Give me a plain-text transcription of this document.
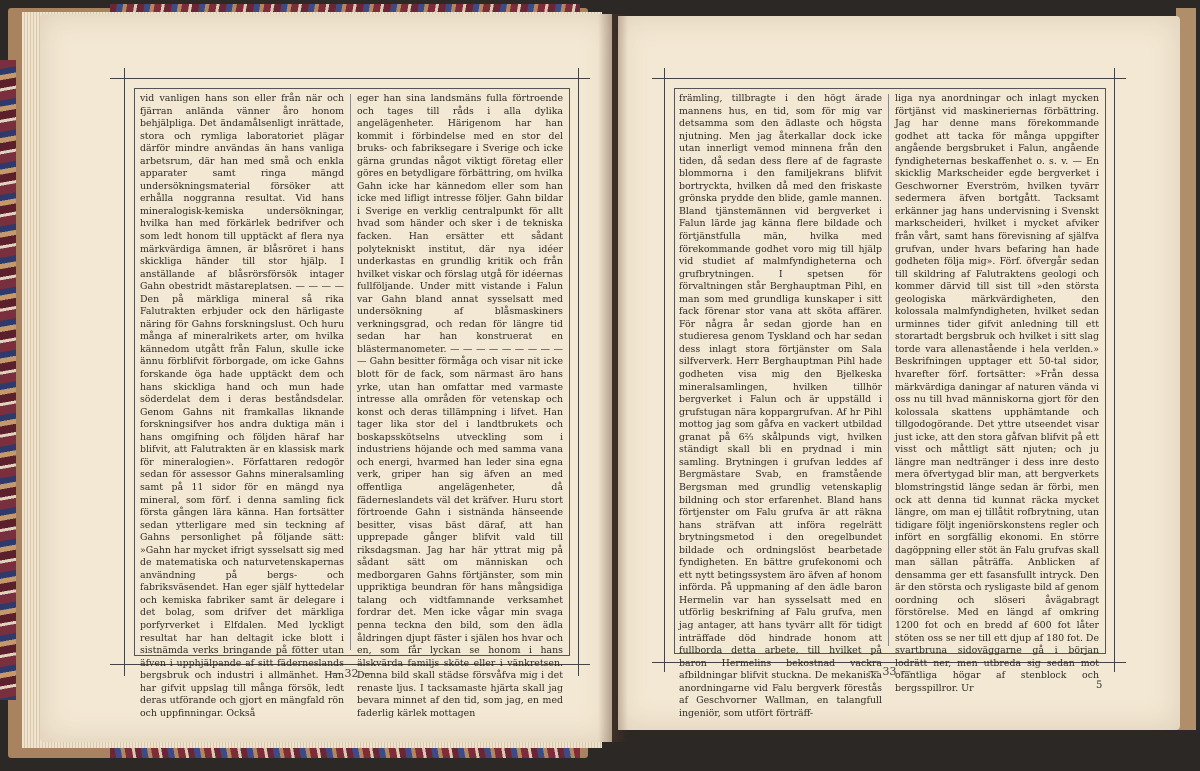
vid vanligen hans son eller från när och fjärran anlända vänner åro honom behjälpliga. Det ändamålsenligt inrättade, stora och rymliga laboratoriet plägar därför mindre användas än hans vanliga arbetsrum, där han med små och enkla apparater samt ringa mängd undersökningsmaterial försöker att erhålla noggranna resultat. Vid hans mineralogisk-kemiska undersökningar, hvilka han med förkärlek bedrifver och som ledt honom till upptäckt af flera nya märkvärdiga ämnen, är blåsröret i hans skickliga händer till stor hjälp. I anställande af blåsrörsförsök intager Gahn obestridt mästareplatsen. — — — — Den på märkliga mineral så rika Falutrakten erbjuder ock den härligaste näring för Gahns forskningslust. Och huru många af mineralrikets arter, om hvilka kännedom utgått från Falun, skulle icke ännu förblifvit förborgade, om icke Gahns forskande öga hade upptäckt dem och hans skickliga hand och mun hade söderdelat dem i deras beståndsdelar. Genom Gahns nit framkallas liknande forskningsifver hos andra duktiga män i hans omgifning och följden häraf har blifvit, att Falutrakten är en klassisk mark för mineralogien». Författaren redogör sedan för assessor Gahns mineralsamling samt på 11 sidor för en mängd nya mineral, som förf. i denna samling fick första gången lära känna. Han fortsätter sedan ytterligare med sin teckning af Gahns personlighet på följande sätt: »Gahn har mycket ifrigt sysselsatt sig med de matematiska och naturvetenskapernas användning på bergs- och fabriksväsendet. Han eger själf hyttedelar och kemiska fabriker samt är delegare i det bolag, som drifver det märkliga porfyrverket i Elfdalen. Med lyckligt resultat har han deltagit icke blott i sistnämda verks bringande på fötter utan äfven i upphjälpande af sitt fäderneslands bergsbruk och industri i allmänhet. Han har gifvit uppslag till många försök, ledt deras utförande och gjort en mängfald rön och uppfinningar. Också

eger han sina landsmäns fulla förtroende och tages till råds i alla dylika angelägenheter. Härigenom har han kommit i förbindelse med en stor del bruks- och fabriksegare i Sverige och icke gärna grundas något viktigt företag eller göres en betydligare förbättring, om hvilka Gahn icke har kännedom eller som han icke med lifligt intresse följer. Gahn bildar i Sverige en verklig centralpunkt för allt hvad som händer och sker i de tekniska facken. Han ersätter ett sådant polytekniskt institut, där nya idéer underkastas en grundlig kritik och från hvilket viskar och förslag utgå för idéernas fullföljande. Under mitt vistande i Falun var Gahn bland annat sysselsatt med undersökning af blåsmaskiners verkningsgrad, och redan för längre tid sedan har han konstruerat en blästermanometer. — — — — — — — — — — Gahn besitter förmåga och visar nit icke blott för de fack, som närmast äro hans yrke, utan han omfattar med varmaste intresse alla områden för vetenskap och konst och deras tillämpning i lifvet. Han tager lika stor del i landtbrukets och boskapsskötselns utveckling som i industriens höjande och med samma vana och energi, hvarmed han leder sina egna verk, griper han sig äfven an med offentliga angelägenheter, då fäderneslandets väl det kräfver. Huru stort förtroende Gahn i sistnända hänseende besitter, visas bäst däraf, att han upprepade gånger blifvit vald till riksdagsman. Jag har här yttrat mig på sådant sätt om människan och medborgaren Gahns förtjänster, som min uppriktiga beundran för hans mångsidiga talang och vidtfamnande verksamhet fordrar det. Men icke vågar min svaga penna teckna den bild, som den ädla åldringen djupt fäster i själen hos hvar och en, som får lyckan se honom i hans älskvärda familjs sköte eller i vänkretsen. Denna bild skall städse försvåfva mig i det renaste ljus. I tacksamaste hjärta skall jag bevara minnet af den tid, som jag, en med faderlig kärlek mottagen

— 32 —

främling, tillbragte i den högt ärade mannens hus, en tid, som för mig var detsamma som den ädlaste och högsta njutning. Men jag återkallar dock icke utan innerligt vemod minnena från den tiden, då sedan dess flere af de fagraste blommorna i den familjekrans blifvit bortryckta, hvilken då med den friskaste grönska prydde den blide, gamle mannen. Bland tjänstemännen vid bergverket i Falun lärde jag känna flere bildade och förtjänstfulla män, hvilka med förekommande godhet voro mig till hjälp vid studiet af malmfyndigheterna och grufbrytningen. I spetsen för förvaltningen står Berghauptman Pihl, en man som med grundliga kunskaper i sitt fack förenar stor vana att sköta affärer. För några år sedan gjorde han en studieresa genom Tyskland och har sedan dess inlagt stora förtjänster om Sala silfververk. Herr Berghauptman Pihl hade godheten visa mig den Bjelkeska mineralsamlingen, hvilken tillhör bergverket i Falun och är uppställd i grufstugan nära koppargrufvan. Af hr Pihl mottog jag som gåfva en vackert utbildad granat på 6⅔ skålpunds vigt, hvilken ständigt skall bli en prydnad i min samling. Brytningen i grufvan leddes af Bergmästare Svab, en framstående Bergsman med grundlig vetenskaplig bildning och stor erfarenhet. Bland hans förtjenster om Falu grufva är att räkna hans sträfvan att införa regelrätt brytningsmetod i den oregelbundet bildade och ordningslöst bearbetade fyndigheten. En bättre grufekonomi och ett nytt betingssystem äro äfven af honom införda. På uppmaning af den ädle baron Hermelin var han sysselsatt med en utförlig beskrifning af Falu grufva, men jag antager, att hans tyvärr allt för tidigt inträffade död hindrade honom att fullborda detta arbete, till hvilket på baron Hermelins bekostnad vackra afbildningar blifvit stuckna. De mekaniska anordningarne vid Falu bergverk förestås af Geschvorner Wallman, en talangfull ingeniör, som utfört förträff-

liga nya anordningar och inlagt mycken förtjänst vid maskineriernas förbättring. Jag har denne mans förekommande godhet att tacka för många uppgifter angående bergsbruket i Falun, angående fyndigheternas beskaffenhet o. s. v. — En skicklig Markscheider egde bergverket i Geschworner Everström, hvilken tyvärr sedermera äfven bortgått. Tacksamt erkänner jag hans undervisning i Svenskt markscheideri, hvilket i mycket afviker från vårt, samt hans förevisning af själfva grufvan, under hvars befaring han hade godheten följa mig». Förf. öfvergår sedan till skildring af Falutraktens geologi och kommer därvid till sist till »den största geologiska märkvärdigheten, den kolossala malmfyndigheten, hvilket sedan urminnes tider gifvit anledning till ett storartadt bergsbruk och hvilket i sitt slag torde vara allenastående i hela verlden.» Beskrifningen upptager ett 50-tal sidor, hvarefter förf. fortsätter: »Från dessa märkvärdiga daningar af naturen vända vi oss nu till hvad människorna gjort för den kolossala skattens upphämtande och tillgodogörande. Det yttre utseendet visar just icke, att den stora gåfvan blifvit på ett visst och måttligt sätt njuten; och ju längre man nedtränger i dess inre desto mera öfvertygad blir man, att bergverkets blomstringstid länge sedan är förbi, men ock att denna tid kunnat räcka mycket längre, om man ej tillåtit rofbrytning, utan tidigare följt ingeniörskonstens regler och infört en sorgfällig ekonomi. En större dagöppning eller stöt än Falu grufvas skall man sällan påträffa. Anblicken af densamma ger ett fasansfullt intryck. Den är den största och rysligaste bild af genom oordning och slöseri åvägabragt förstörelse. Med en längd af omkring 1200 fot och en bredd af 600 fot låter stöten oss se ner till ett djup af 180 fot. De svartbruna sidoväggarne gå i början lodrätt ner, men utbreda sig sedan mot ofantliga högar af stenblock och bergsspillror. Ur

— 33 —
5
